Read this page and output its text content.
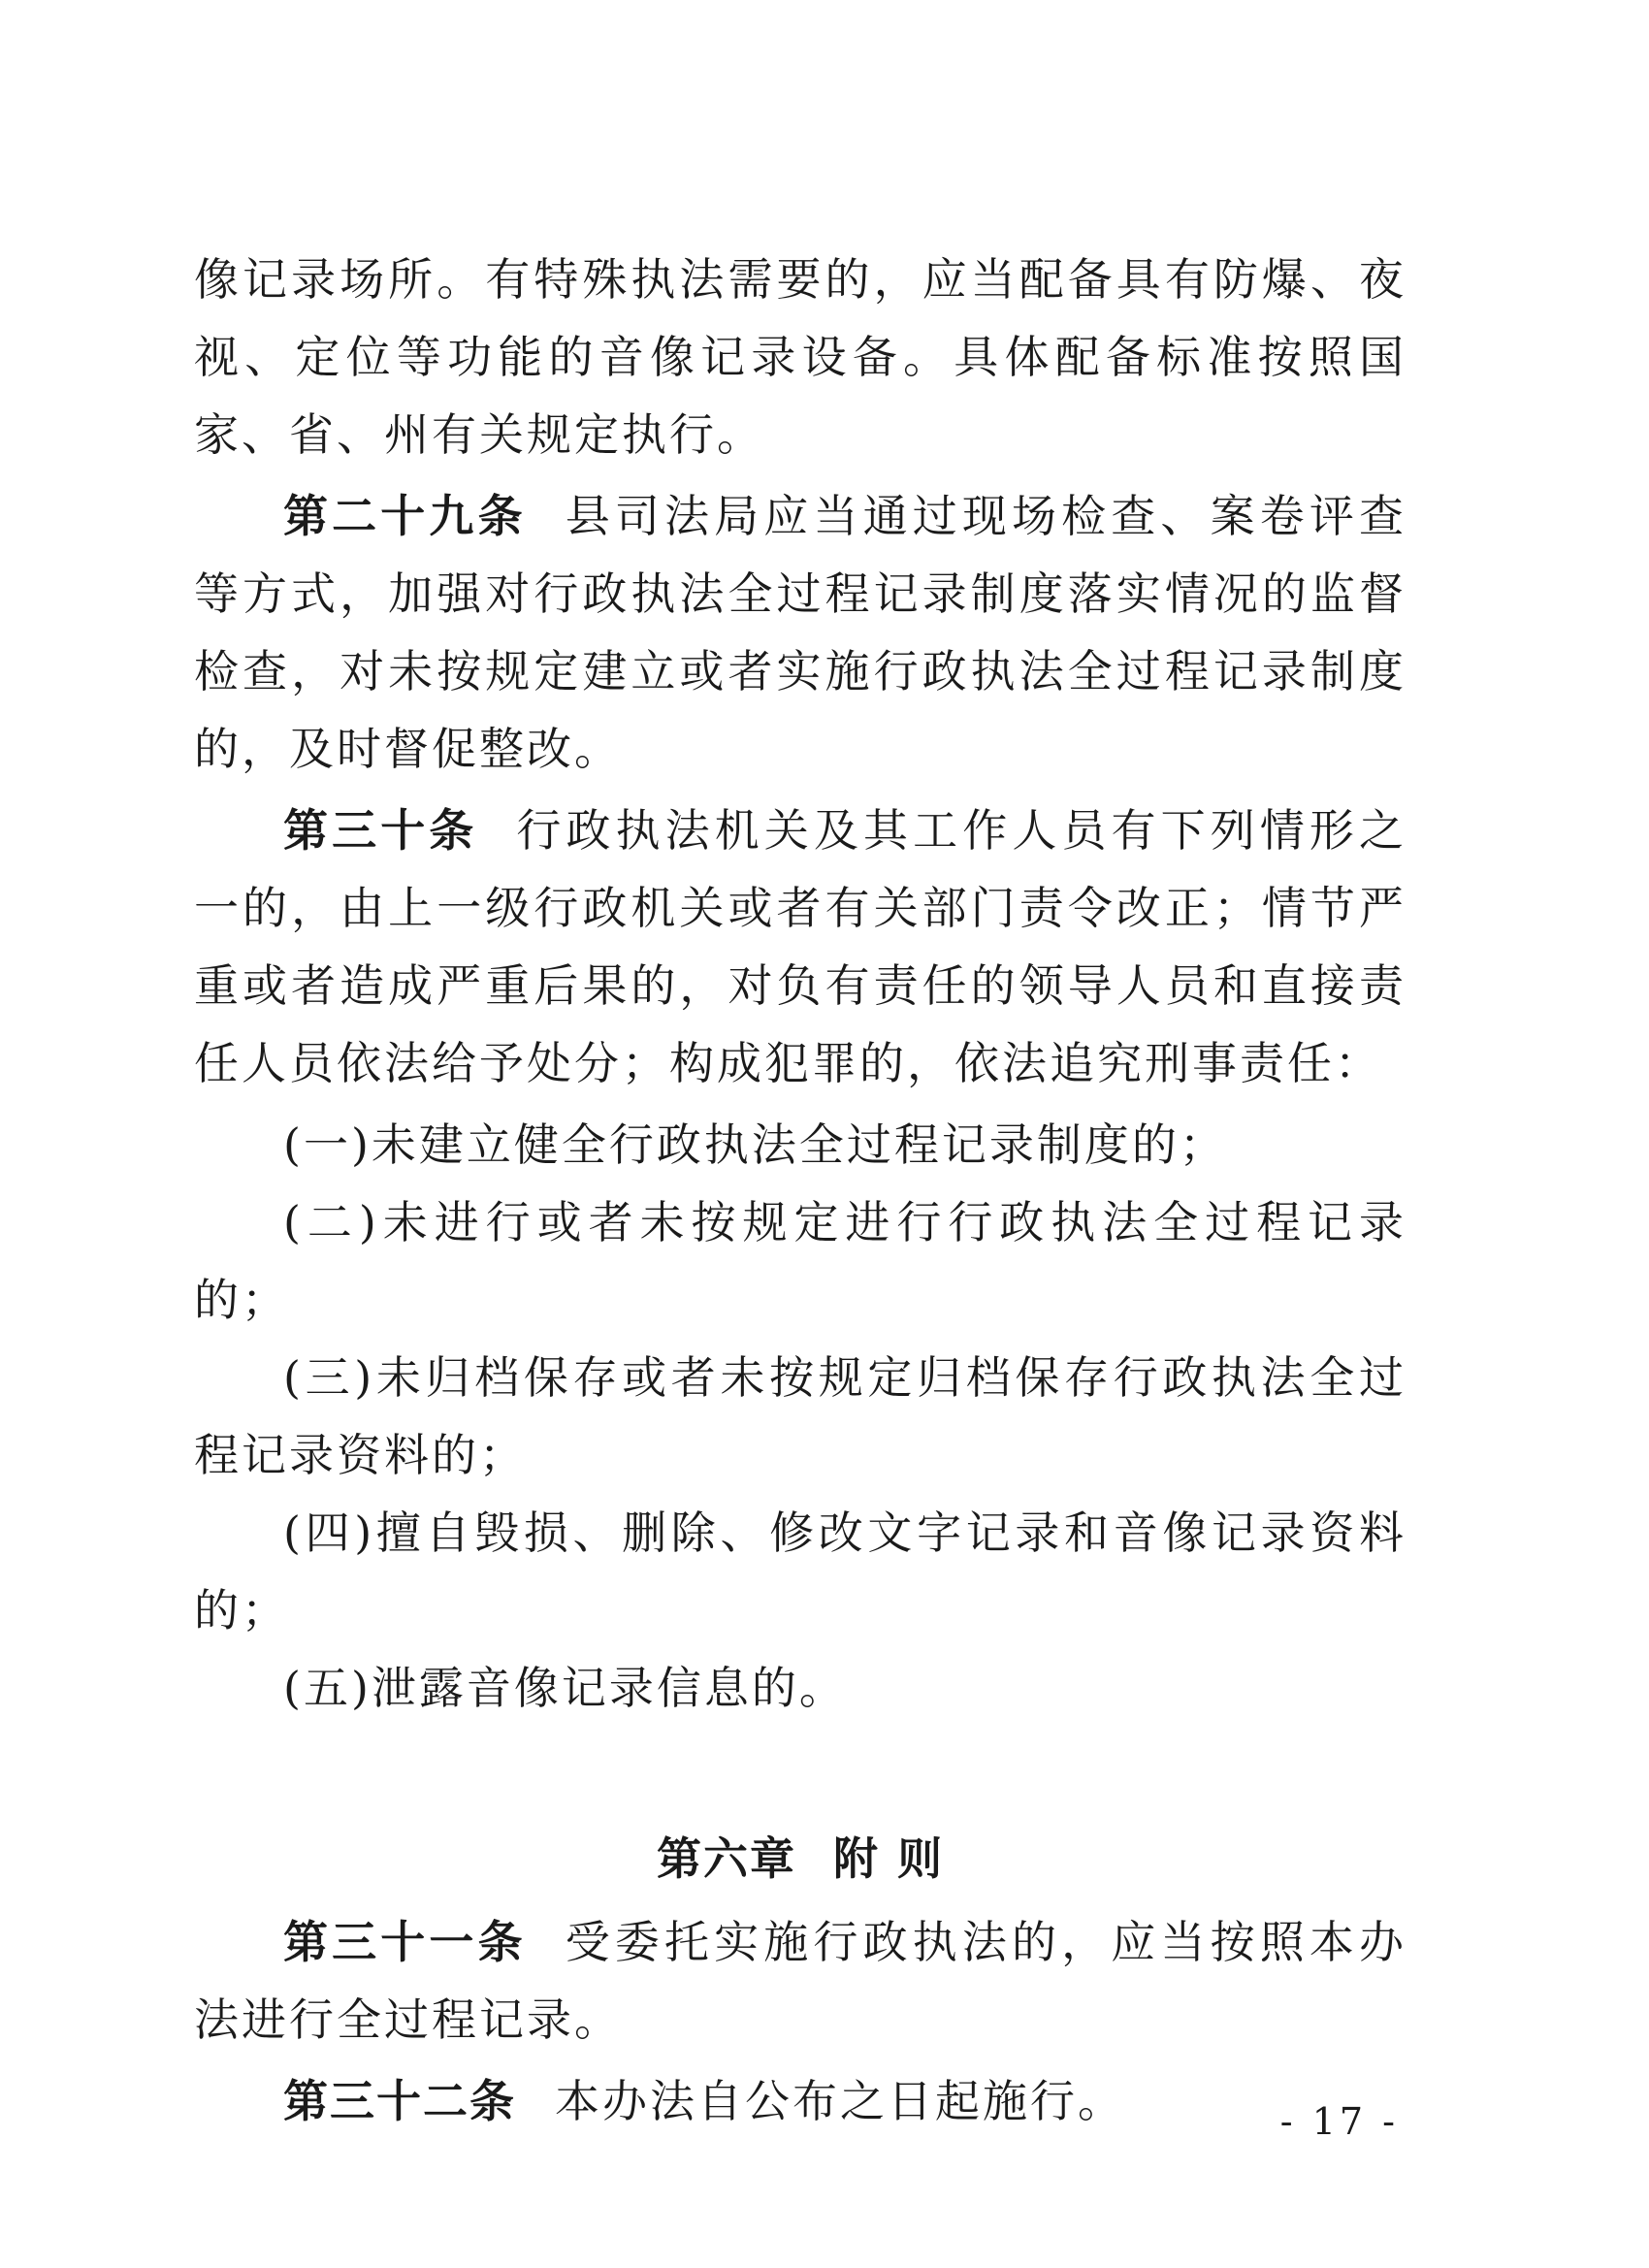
像记录场所。有特殊执法需要的，应当配备具有防爆、夜视、定位等功能的音像记录设备。具体配备标准按照国家、省、州有关规定执行。

第二十九条 县司法局应当通过现场检查、案卷评查等方式，加强对行政执法全过程记录制度落实情况的监督检查，对未按规定建立或者实施行政执法全过程记录制度的，及时督促整改。

第三十条 行政执法机关及其工作人员有下列情形之一的，由上一级行政机关或者有关部门责令改正；情节严重或者造成严重后果的，对负有责任的领导人员和直接责任人员依法给予处分；构成犯罪的，依法追究刑事责任：

(一)未建立健全行政执法全过程记录制度的；

(二)未进行或者未按规定进行行政执法全过程记录的；

(三)未归档保存或者未按规定归档保存行政执法全过程记录资料的；

(四)擅自毁损、删除、修改文字记录和音像记录资料的；

(五)泄露音像记录信息的。

第六章 附 则

第三十一条 受委托实施行政执法的，应当按照本办法进行全过程记录。

第三十二条 本办法自公布之日起施行。	- 17 -
